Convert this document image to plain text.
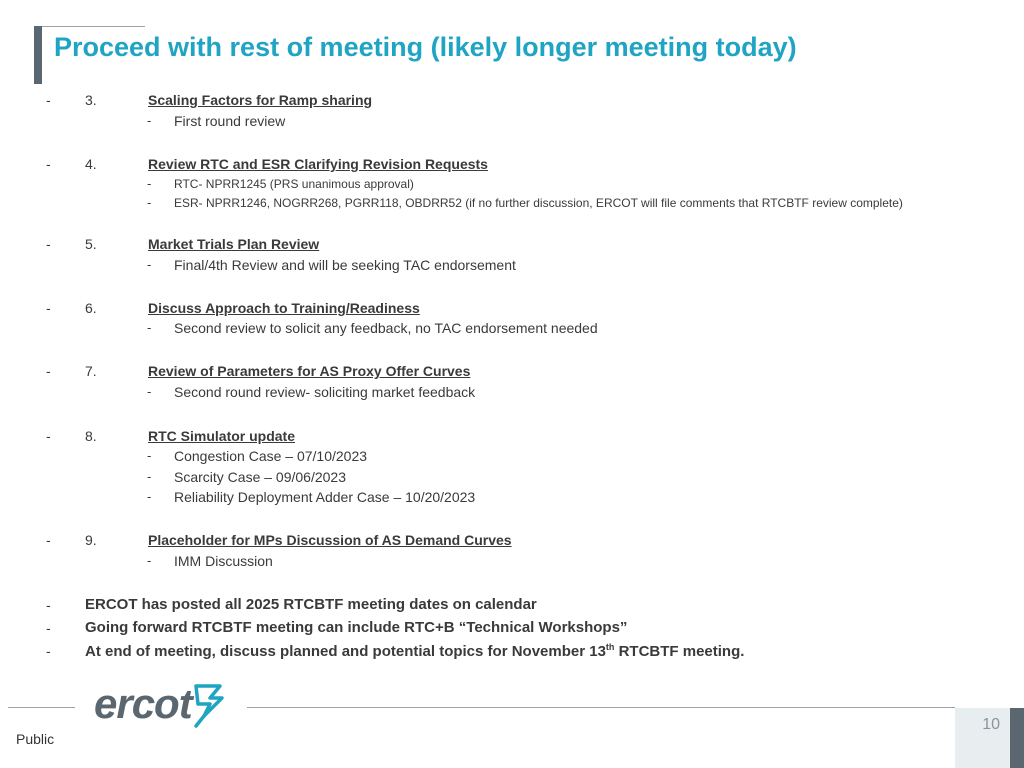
Proceed with rest of meeting (likely longer meeting today)
- 3.	Scaling Factors for Ramp sharing
- First round review
- 4.	Review RTC and ESR Clarifying Revision Requests
- RTC- NPRR1245 (PRS unanimous approval)
- ESR- NPRR1246, NOGRR268, PGRR118, OBDRR52 (if no further discussion, ERCOT will file comments that RTCBTF review complete)
- 5.	Market Trials Plan Review
- Final/4th Review and will be seeking TAC endorsement
- 6.	Discuss Approach to Training/Readiness
- Second review to solicit any feedback, no TAC endorsement needed
- 7.	Review of Parameters for AS Proxy Offer Curves
- Second round review- soliciting market feedback
- 8.	RTC Simulator update
- Congestion Case – 07/10/2023
- Scarcity Case – 09/06/2023
- Reliability Deployment Adder Case – 10/20/2023
- 9.	Placeholder for MPs Discussion of AS Demand Curves
- IMM Discussion
- ERCOT has posted all 2025 RTCBTF meeting dates on calendar
- Going forward RTCBTF meeting can include RTC+B “Technical Workshops”
- At end of meeting, discuss planned and potential topics for November 13th RTCBTF meeting.
ercot
Public
10
